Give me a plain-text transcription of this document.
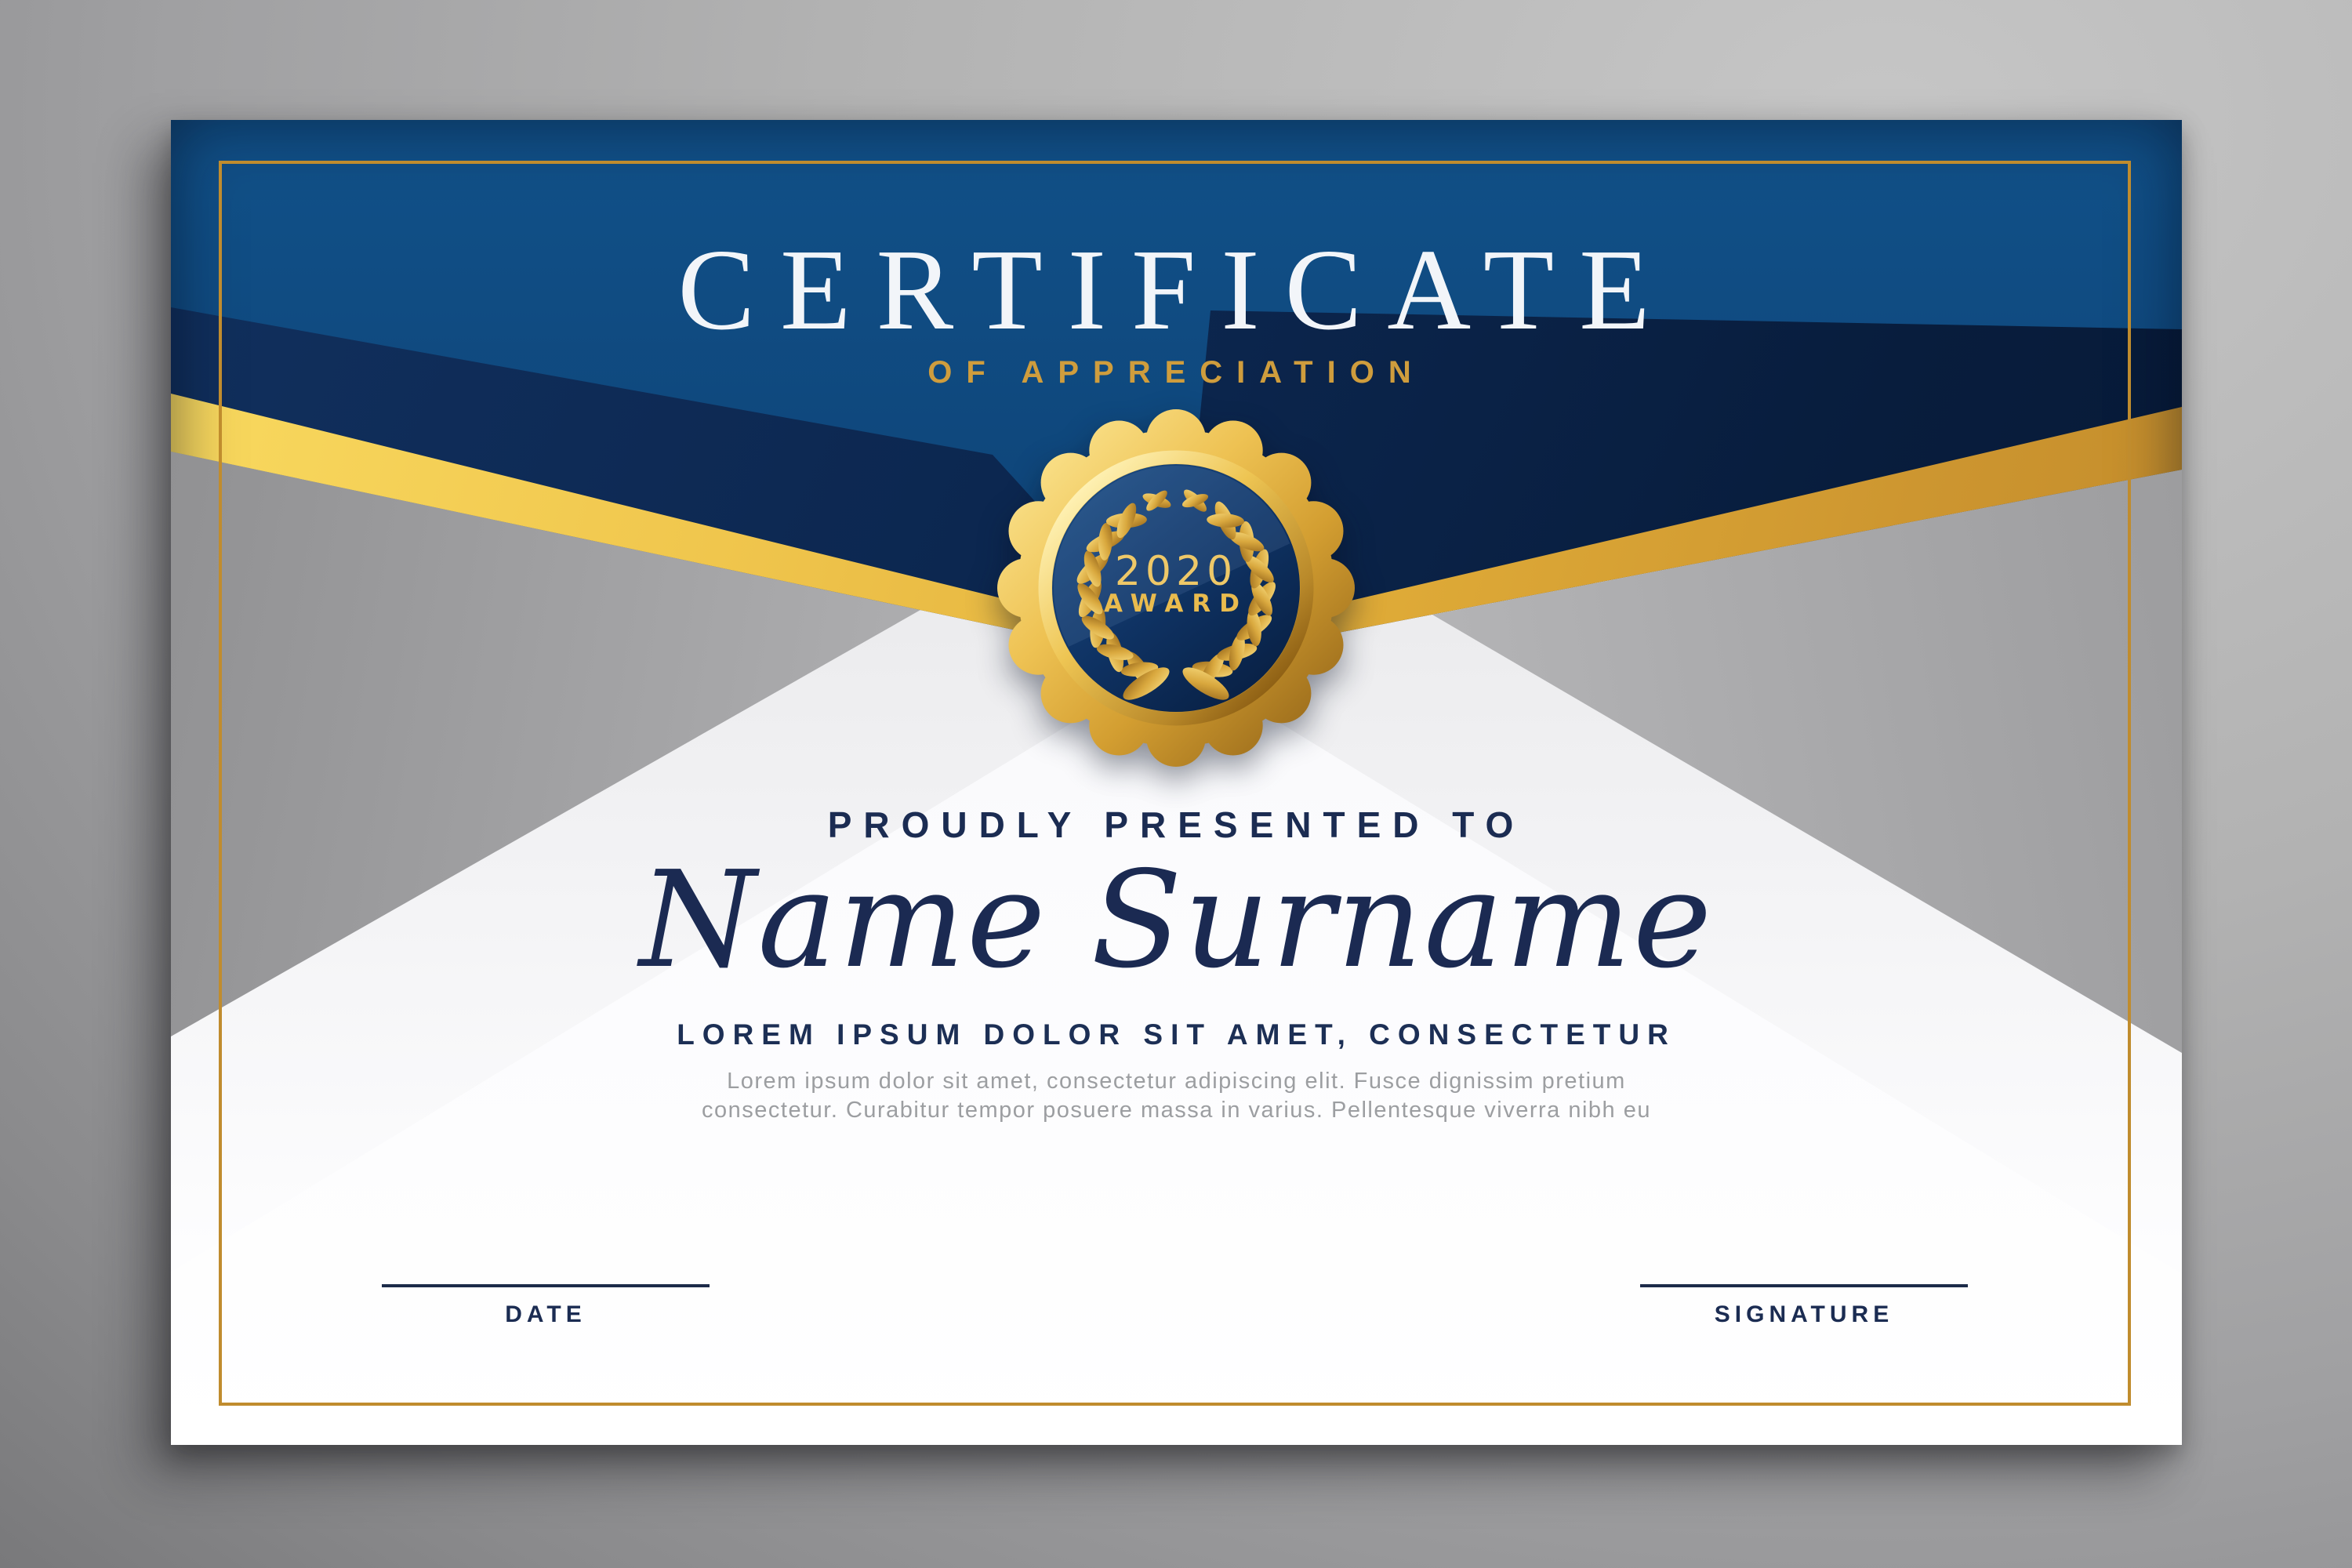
CERTIFICATE
OF APPRECIATION
2020
AWARD
PROUDLY PRESENTED TO
Name Surname
LOREM IPSUM DOLOR SIT AMET, CONSECTETUR
Lorem ipsum dolor sit amet, consectetur adipiscing elit. Fusce dignissim pretium
consectetur. Curabitur tempor posuere massa in varius. Pellentesque viverra nibh eu
DATE	SIGNATURE
